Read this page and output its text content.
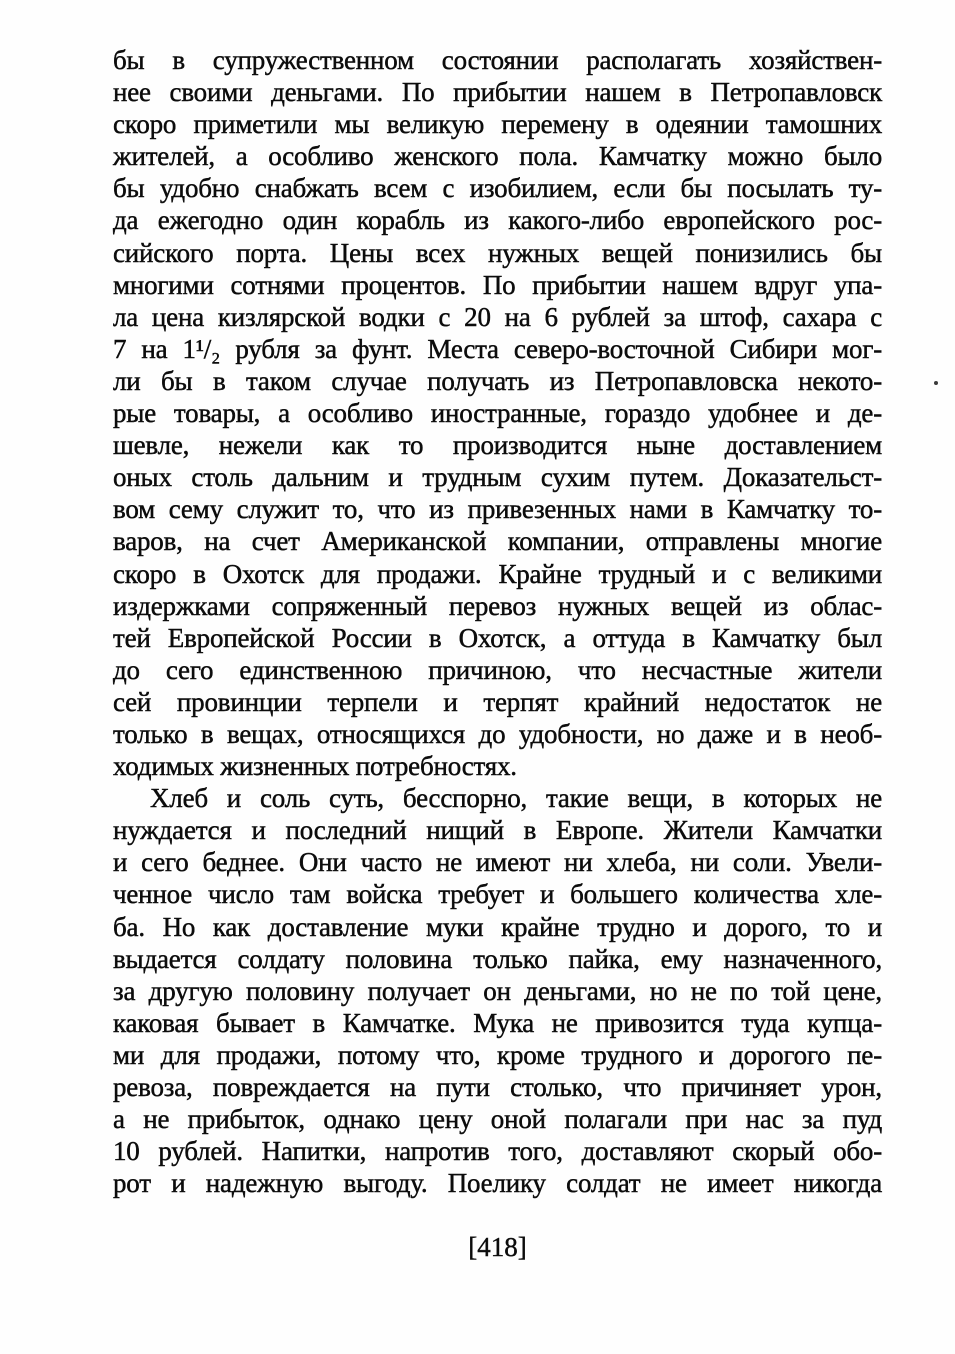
бы в супружественном состоянии располагать хозяйствен-
нее своими деньгами. По прибытии нашем в Петропавловск
скоро приметили мы великую перемену в одеянии тамошних
жителей, а особливо женского пола. Камчатку можно было
бы удобно снабжать всем с изобилием, если бы посылать ту-
да ежегодно один корабль из какого-либо европейского рос-
сийского порта. Цены всех нужных вещей понизились бы
многими сотнями процентов. По прибытии нашем вдруг упа-
ла цена кизлярской водки с 20 на 6 рублей за штоф, сахара с
7 на 1¹/₂ рубля за фунт. Места северо-восточной Сибири мог-
ли бы в таком случае получать из Петропавловска некото-
рые товары, а особливо иностранные, гораздо удобнее и де-
шевле, нежели как то производится ныне доставлением
оных столь дальним и трудным сухим путем. Доказательст-
вом сему служит то, что из привезенных нами в Камчатку то-
варов, на счет Американской компании, отправлены многие
скоро в Охотск для продажи. Крайне трудный и с великими
издержками сопряженный перевоз нужных вещей из облас-
тей Европейской России в Охотск, а оттуда в Камчатку был
до сего единственною причиною, что несчастные жители
сей провинции терпели и терпят крайний недостаток не
только в вещах, относящихся до удобности, но даже и в необ-
ходимых жизненных потребностях.
Хлеб и соль суть, бесспорно, такие вещи, в которых не
нуждается и последний нищий в Европе. Жители Камчатки
и сего беднее. Они часто не имеют ни хлеба, ни соли. Увели-
ченное число там войска требует и большего количества хле-
ба. Но как доставление муки крайне трудно и дорого, то и
выдается солдату половина только пайка, ему назначенного,
за другую половину получает он деньгами, но не по той цене,
каковая бывает в Камчатке. Мука не привозится туда купца-
ми для продажи, потому что, кроме трудного и дорогого пе-
ревоза, повреждается на пути столько, что причиняет урон,
а не прибыток, однако цену оной полагали при нас за пуд
10 рублей. Напитки, напротив того, доставляют скорый обо-
рот и надежную выгоду. Поелику солдат не имеет никогда
[418]
